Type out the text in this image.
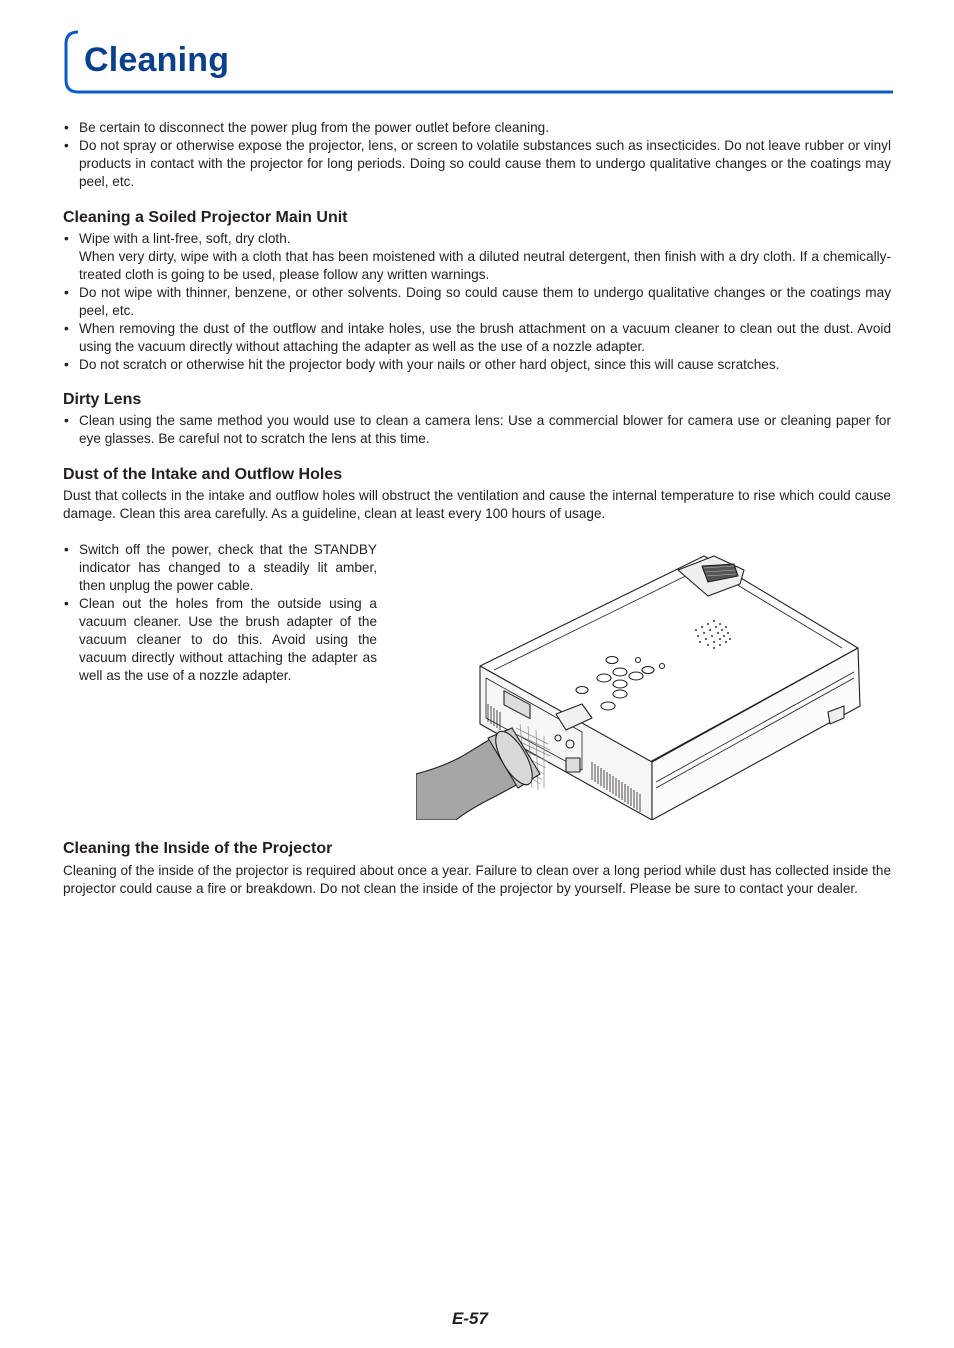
Cleaning
• Be certain to disconnect the power plug from the power outlet before cleaning.
• Do not spray or otherwise expose the projector, lens, or screen to volatile substances such as insecticides. Do not leave rubber or vinyl products in contact with the projector for long periods. Doing so could cause them to undergo qualitative changes or the coatings may peel, etc.
Cleaning a Soiled Projector Main Unit
• Wipe with a lint-free, soft, dry cloth.
When very dirty, wipe with a cloth that has been moistened with a diluted neutral detergent, then finish with a dry cloth. If a chemically-treated cloth is going to be used, please follow any written warnings.
• Do not wipe with thinner, benzene, or other solvents. Doing so could cause them to undergo qualitative changes or the coatings may peel, etc.
• When removing the dust of the outflow and intake holes, use the brush attachment on a vacuum cleaner to clean out the dust. Avoid using the vacuum directly without attaching the adapter as well as the use of a nozzle adapter.
• Do not scratch or otherwise hit the projector body with your nails or other hard object, since this will cause scratches.
Dirty Lens
• Clean using the same method you would use to clean a camera lens: Use a commercial blower for camera use or cleaning paper for eye glasses. Be careful not to scratch the lens at this time.
Dust of the Intake and Outflow Holes

Dust that collects in the intake and outflow holes will obstruct the ventilation and cause the internal temperature to rise which could cause damage. Clean this area carefully. As a guideline, clean at least every 100 hours of usage.

• Switch off the power, check that the STANDBY indicator has changed to a steadily lit amber, then unplug the power cable.
• Clean out the holes from the outside using a vacuum cleaner. Use the brush adapter of the vacuum cleaner to do this. Avoid using the vacuum directly without attaching the adapter as well as the use of a nozzle adapter.
Cleaning the Inside of the Projector

Cleaning of the inside of the projector is required about once a year. Failure to clean over a long period while dust has collected inside the projector could cause a fire or breakdown. Do not clean the inside of the projector by yourself. Please be sure to contact your dealer.

E-57
